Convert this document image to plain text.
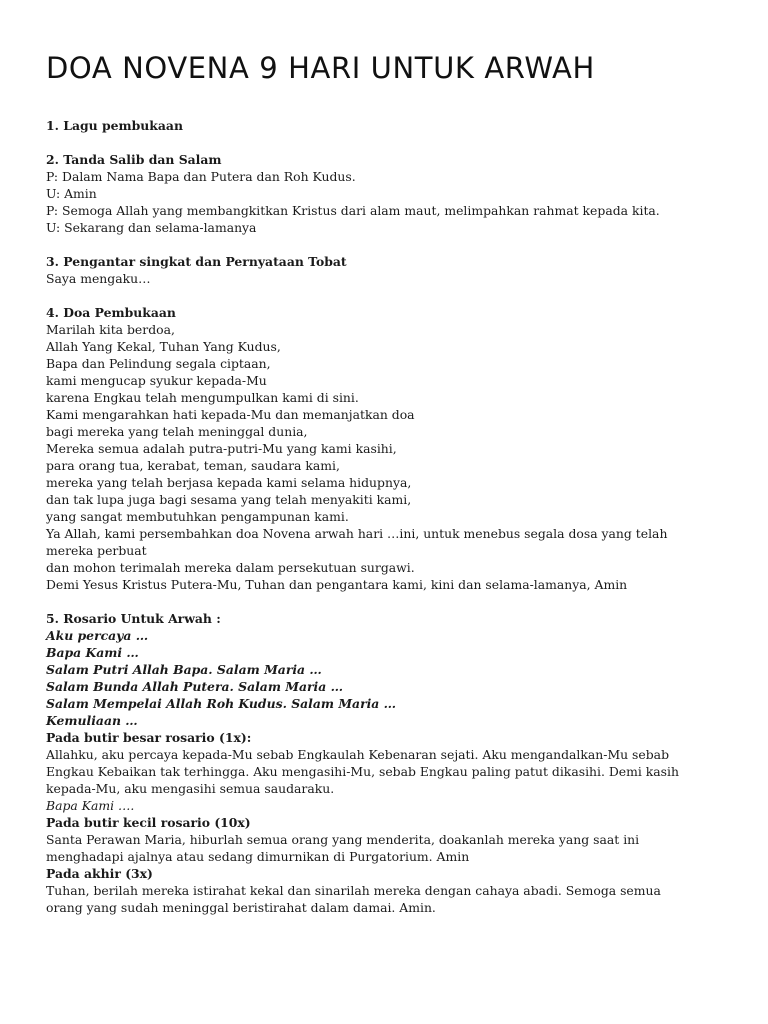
DOA NOVENA 9 HARI UNTUK ARWAH
1. Lagu pembukaan
2. Tanda Salib dan Salam
P: Dalam Nama Bapa dan Putera dan Roh Kudus.
U: Amin
P: Semoga Allah yang membangkitkan Kristus dari alam maut, melimpahkan rahmat kepada kita.
U: Sekarang dan selama-lamanya
3. Pengantar singkat dan Pernyataan Tobat
Saya mengaku…
4. Doa Pembukaan
Marilah kita berdoa,
Allah Yang Kekal, Tuhan Yang Kudus,
Bapa dan Pelindung segala ciptaan,
kami mengucap syukur kepada-Mu
karena Engkau telah mengumpulkan kami di sini.
Kami mengarahkan hati kepada-Mu dan memanjatkan doa
bagi mereka yang telah meninggal dunia,
Mereka semua adalah putra-putri-Mu yang kami kasihi,
para orang tua, kerabat, teman, saudara kami,
mereka yang telah berjasa kepada kami selama hidupnya,
dan tak lupa juga bagi sesama yang telah menyakiti kami,
yang sangat membutuhkan pengampunan kami.
Ya Allah, kami persembahkan doa Novena arwah hari …ini, untuk menebus segala dosa yang telah
mereka perbuat
dan mohon terimalah mereka dalam persekutuan surgawi.
Demi Yesus Kristus Putera-Mu, Tuhan dan pengantara kami, kini dan selama-lamanya, Amin
5. Rosario Untuk Arwah :
Aku percaya …
Bapa Kami …
Salam Putri Allah Bapa. Salam Maria …
Salam Bunda Allah Putera. Salam Maria …
Salam Mempelai Allah Roh Kudus. Salam Maria …
Kemuliaan …
Pada butir besar rosario (1x):
Allahku, aku percaya kepada-Mu sebab Engkaulah Kebenaran sejati. Aku mengandalkan-Mu sebab
Engkau Kebaikan tak terhingga. Aku mengasihi-Mu, sebab Engkau paling patut dikasihi. Demi kasih
kepada-Mu, aku mengasihi semua saudaraku.
Bapa Kami ….
Pada butir kecil rosario (10x)
Santa Perawan Maria, hiburlah semua orang yang menderita, doakanlah mereka yang saat ini
menghadapi ajalnya atau sedang dimurnikan di Purgatorium. Amin
Pada akhir (3x)
Tuhan, berilah mereka istirahat kekal dan sinarilah mereka dengan cahaya abadi. Semoga semua
orang yang sudah meninggal beristirahat dalam damai. Amin.
